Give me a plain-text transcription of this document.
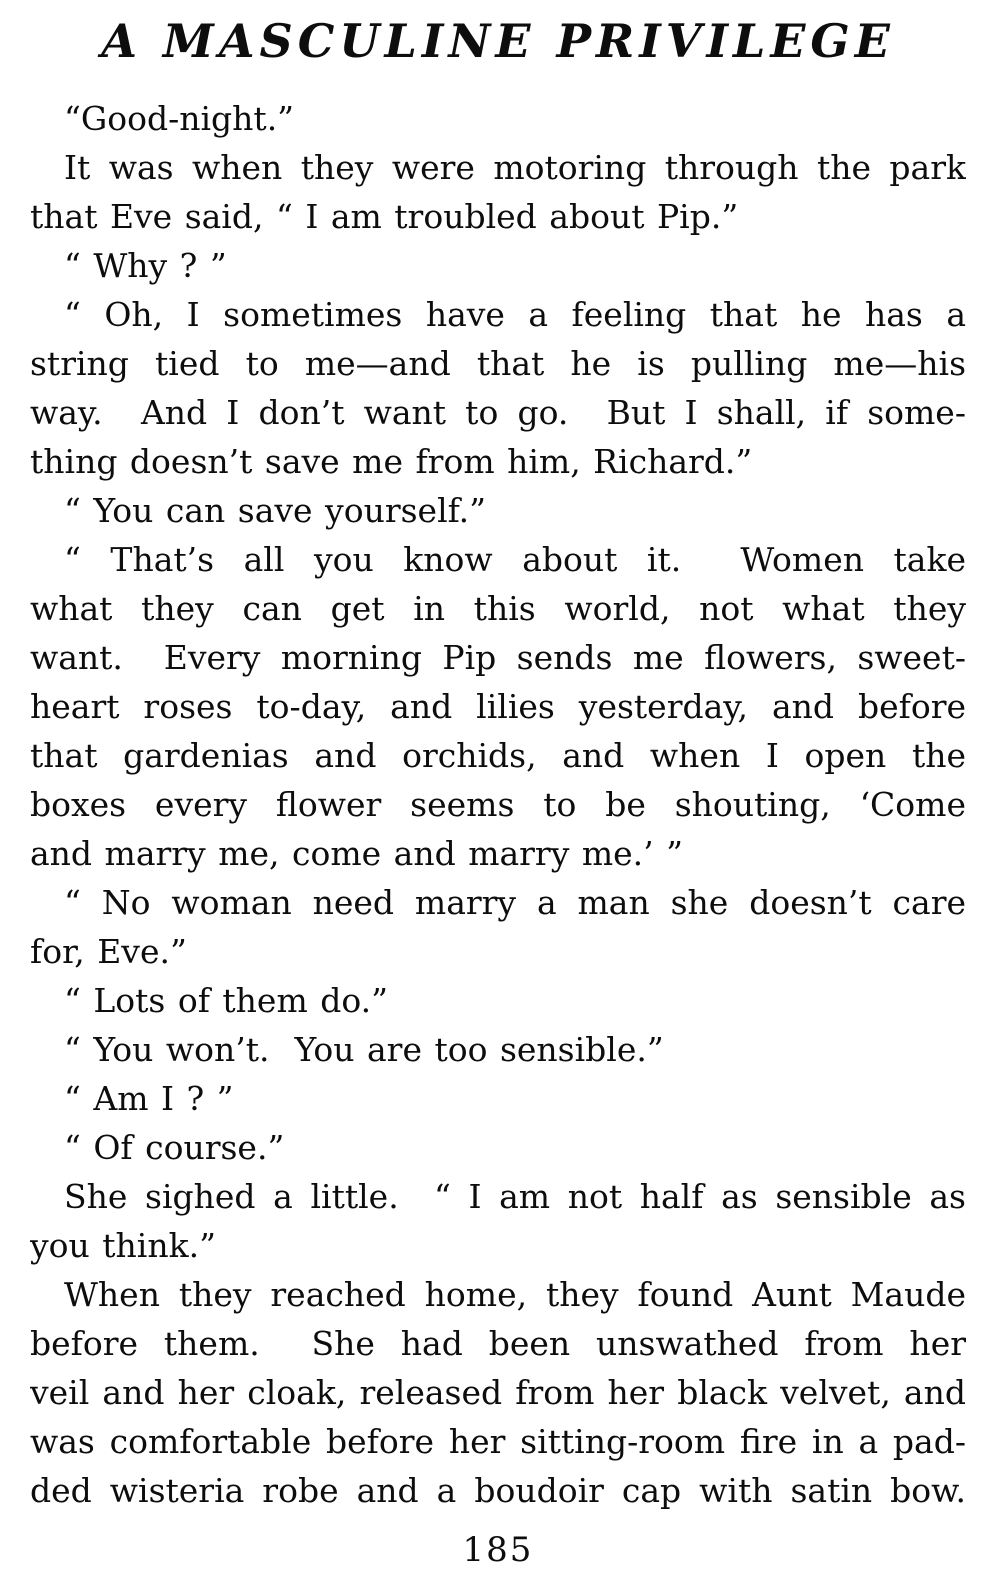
A MASCULINE PRIVILEGE
“Good-night.”
It was when they were motoring through the park
that Eve said, “ I am troubled about Pip.”
“ Why ? ”
“ Oh, I sometimes have a feeling that he has a
string tied to me—and that he is pulling me—his
way.  And I don’t want to go.  But I shall, if some-
thing doesn’t save me from him, Richard.”
“ You can save yourself.”
“ That’s all you know about it.  Women take
what they can get in this world, not what they
want.  Every morning Pip sends me flowers, sweet-
heart roses to-day, and lilies yesterday, and before
that gardenias and orchids, and when I open the
boxes every flower seems to be shouting, ‘Come
and marry me, come and marry me.’ ”
“ No woman need marry a man she doesn’t care
for, Eve.”
“ Lots of them do.”
“ You won’t.  You are too sensible.”
“ Am I ? ”
“ Of course.”
She sighed a little.  “ I am not half as sensible as
you think.”
When they reached home, they found Aunt Maude
before them.  She had been unswathed from her
veil and her cloak, released from her black velvet, and
was comfortable before her sitting-room fire in a pad-
ded wisteria robe and a boudoir cap with satin bow.
185
